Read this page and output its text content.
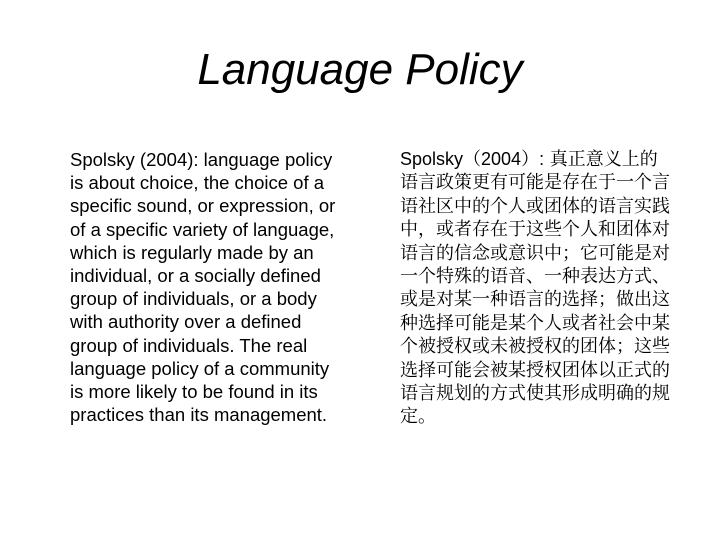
Language Policy
Spolsky (2004): language policy is about choice, the choice of a specific sound, or expression, or of a specific variety of language, which is regularly made by an individual, or a socially defined group of individuals, or a body with authority over a defined group of individuals. The real language policy of a community is more likely to be found in its practices than its management.
Spolsky（2004）: 真正意义上的语言政策更有可能是存在于一个言语社区中的个人或团体的语言实践中，或者存在于这些个人和团体对语言的信念或意识中；它可能是对一个特殊的语音、一种表达方式、或是对某一种语言的选择；做出这种选择可能是某个人或者社会中某个被授权或未被授权的团体；这些选择可能会被某授权团体以正式的语言规划的方式使其形成明确的规定。
